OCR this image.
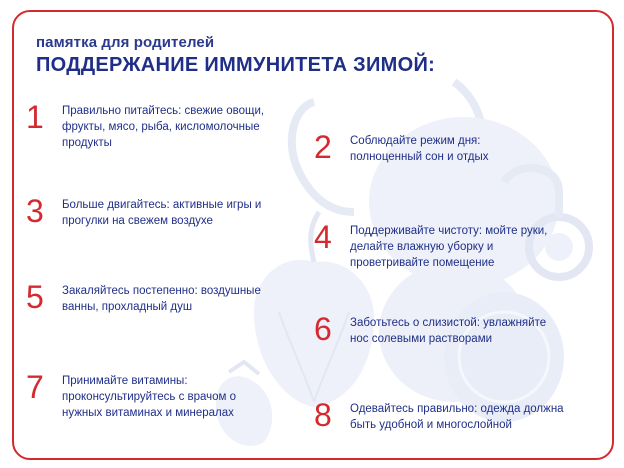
памятка для родителей
ПОДДЕРЖАНИЕ ИММУНИТЕТА ЗИМОЙ:
1	Правильно питайтесь: свежие овощи, фрукты, мясо, рыба, кисломолочные продукты	2	Соблюдайте режим дня: полноценный сон и отдых
3	Больше двигайтесь: активные игры и прогулки на свежем воздухе	4	Поддерживайте чистоту: мойте руки, делайте влажную уборку и проветривайте помещение
5	Закаляйтесь постепенно: воздушные ванны, прохладный душ
6	Заботьтесь о слизистой: увлажняйте нос солевыми растворами
7	Принимайте витамины: проконсультируйтесь с врачом о нужных витаминах и минералах	8	Одевайтесь правильно: одежда должна быть удобной и многослойной
